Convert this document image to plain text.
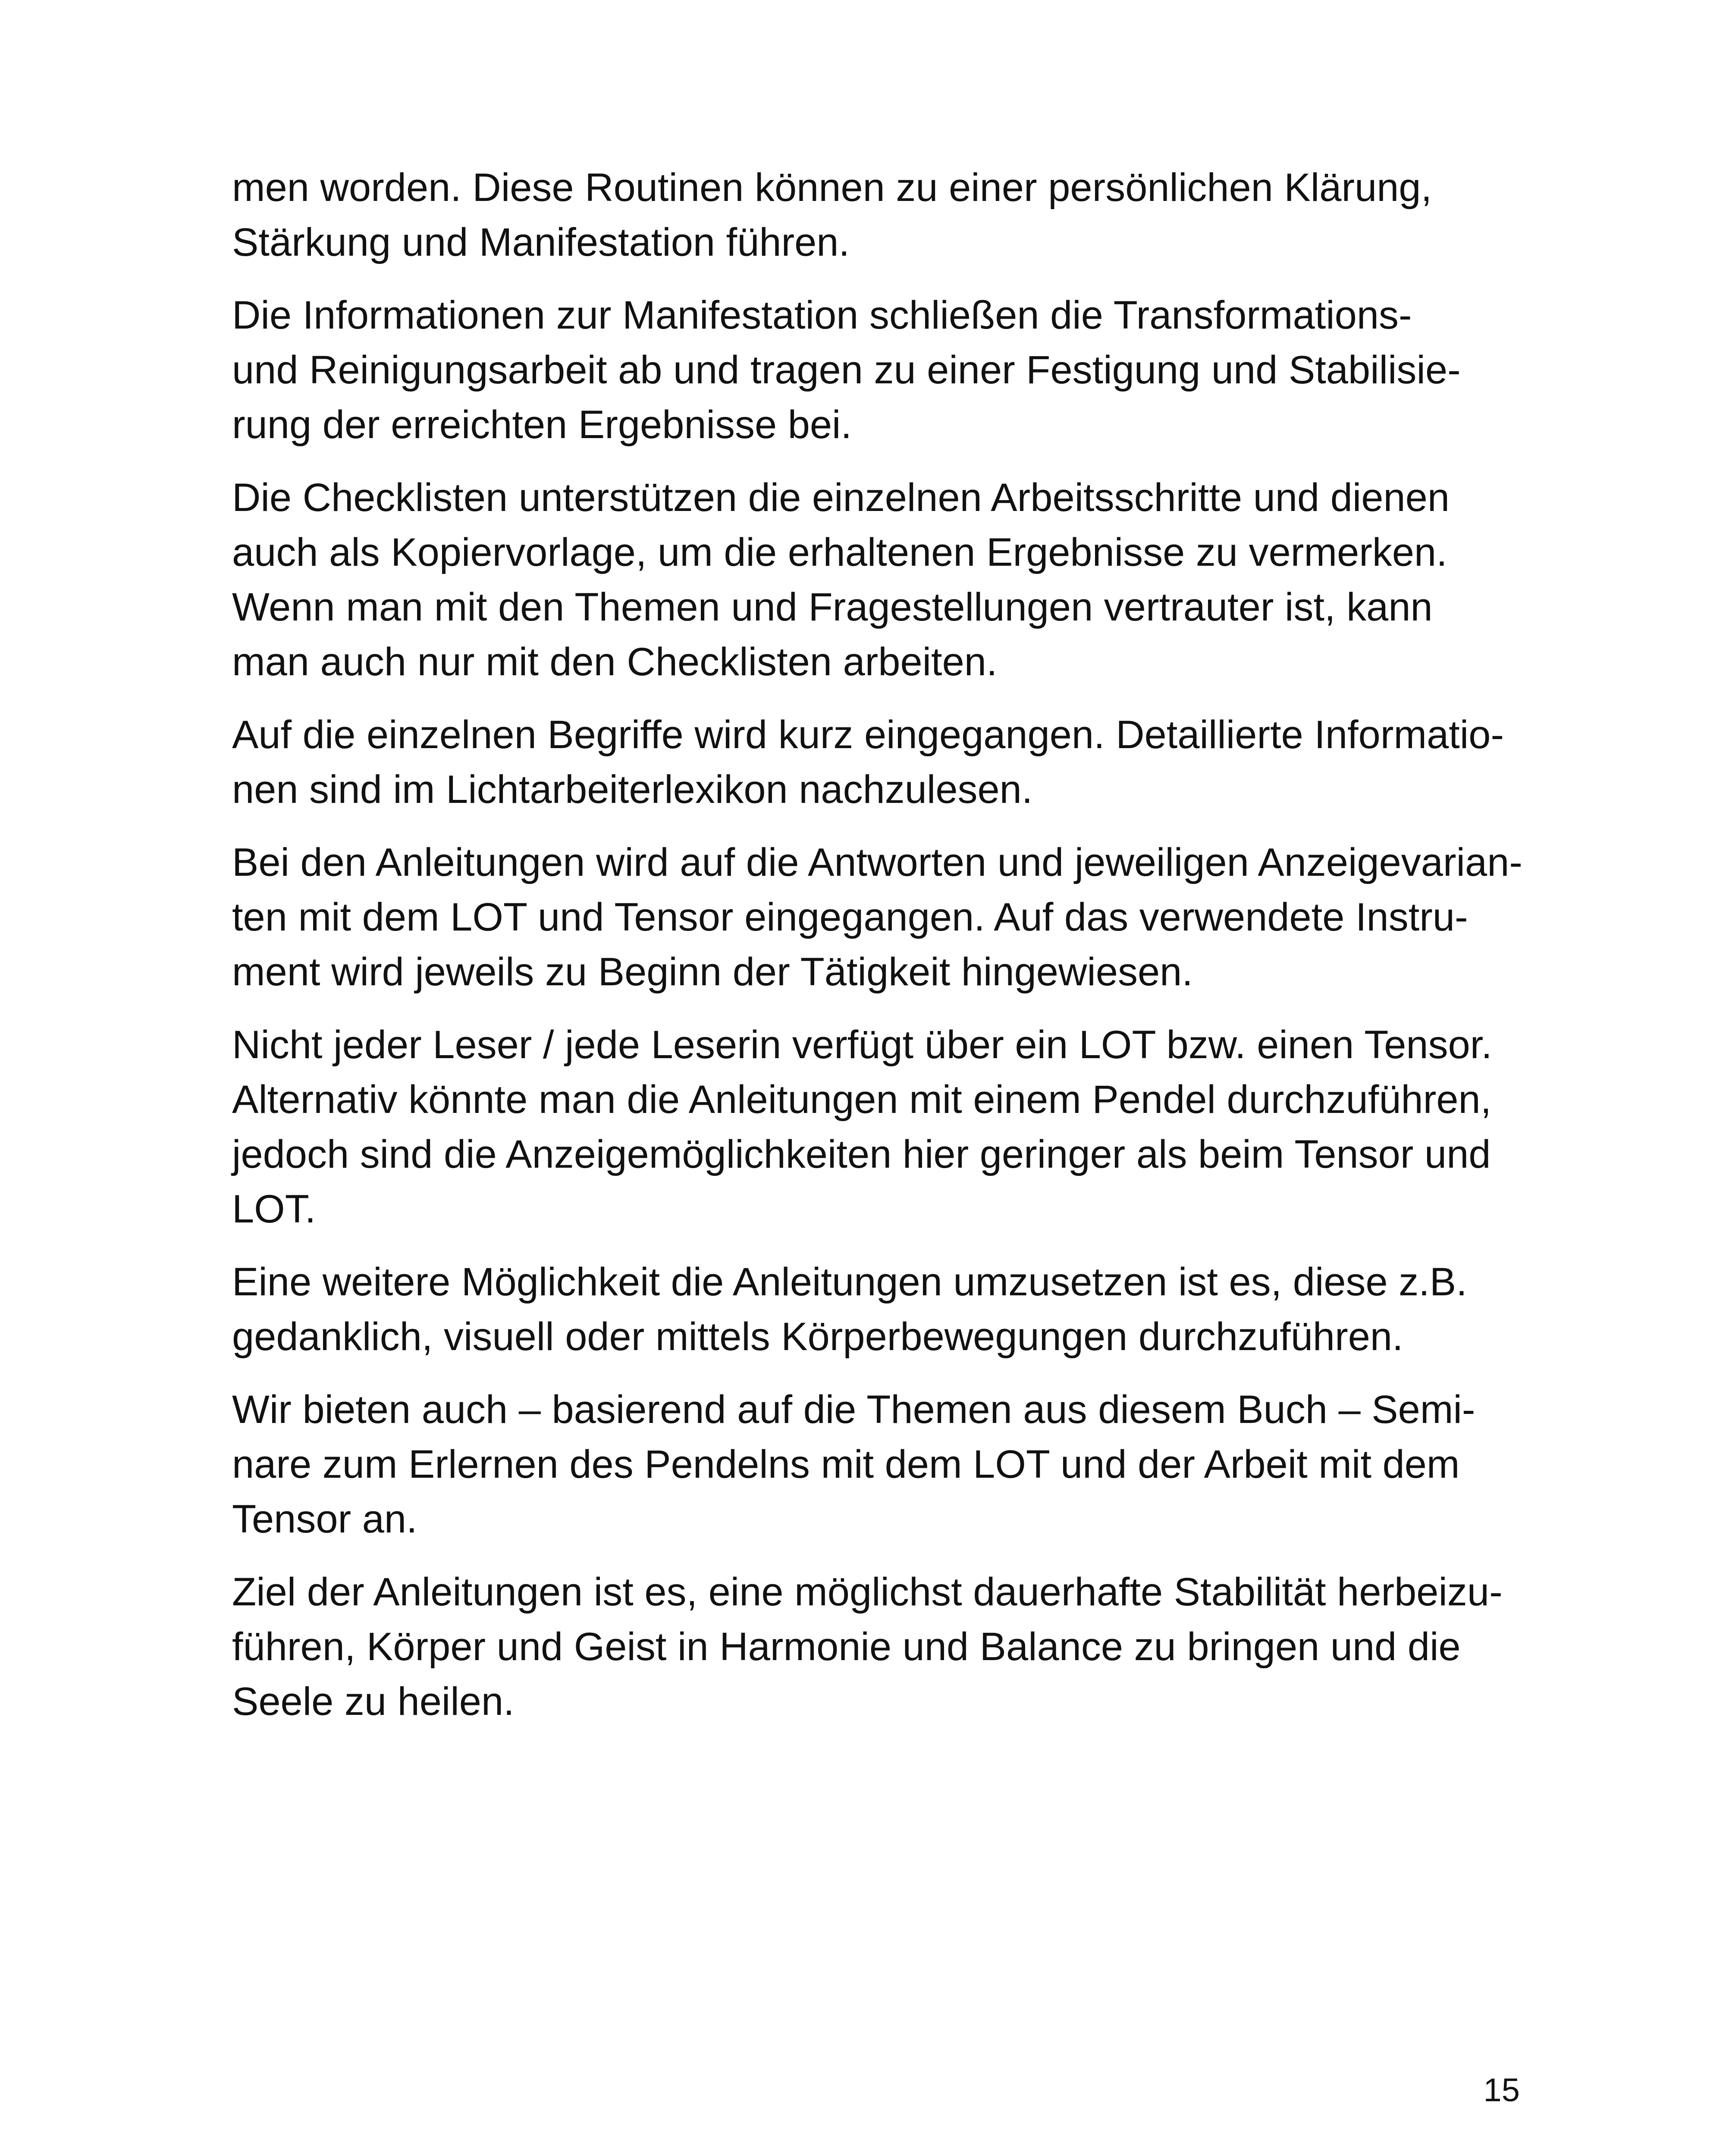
men worden. Diese Routinen können zu einer persönlichen Klärung,
Stärkung und Manifestation führen.

Die Informationen zur Manifestation schließen die Transformations-
und Reinigungsarbeit ab und tragen zu einer Festigung und Stabilisie-
rung der erreichten Ergebnisse bei.

Die Checklisten unterstützen die einzelnen Arbeitsschritte und dienen
auch als Kopiervorlage, um die erhaltenen Ergebnisse zu vermerken.
Wenn man mit den Themen und Fragestellungen vertrauter ist, kann
man auch nur mit den Checklisten arbeiten.

Auf die einzelnen Begriffe wird kurz eingegangen. Detaillierte Informatio-
nen sind im Lichtarbeiterlexikon nachzulesen.

Bei den Anleitungen wird auf die Antworten und jeweiligen Anzeigevarian-
ten mit dem LOT und Tensor eingegangen. Auf das verwendete Instru-
ment wird jeweils zu Beginn der Tätigkeit hingewiesen.

Nicht jeder Leser / jede Leserin verfügt über ein LOT bzw. einen Tensor.
Alternativ könnte man die Anleitungen mit einem Pendel durchzuführen,
jedoch sind die Anzeigemöglichkeiten hier geringer als beim Tensor und
LOT.

Eine weitere Möglichkeit die Anleitungen umzusetzen ist es, diese z.B.
gedanklich, visuell oder mittels Körperbewegungen durchzuführen.

Wir bieten auch – basierend auf die Themen aus diesem Buch – Semi-
nare zum Erlernen des Pendelns mit dem LOT und der Arbeit mit dem
Tensor an.

Ziel der Anleitungen ist es, eine möglichst dauerhafte Stabilität herbeizu-
führen, Körper und Geist in Harmonie und Balance zu bringen und die
Seele zu heilen.

15
